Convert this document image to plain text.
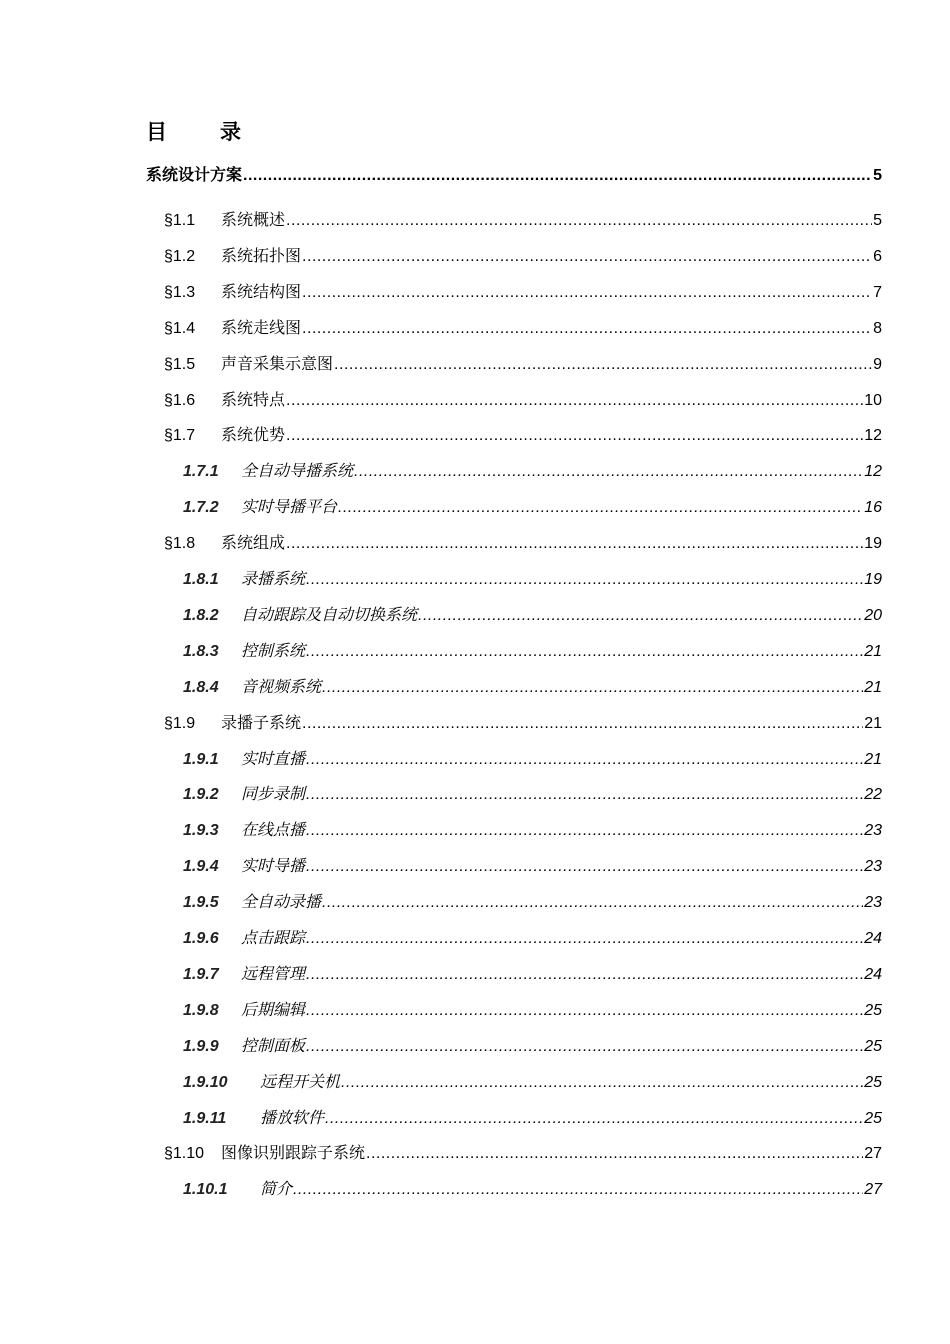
目　录
系统设计方案 .....	5
§1.1	系统概述 .....	5
§1.2	系统拓扑图 .....	6
§1.3	系统结构图 .....	7
§1.4	系统走线图 .....	8
§1.5	声音采集示意图 .....	9
§1.6	系统特点 .....	10
§1.7	系统优势 .....	12
1.7.1	全自动导播系统 .....	12
1.7.2	实时导播平台 .....	16
§1.8	系统组成 .....	19
1.8.1	录播系统 .....	19
1.8.2	自动跟踪及自动切换系统 .....	20
1.8.3	控制系统 .....	21
1.8.4	音视频系统 .....	21
§1.9	录播子系统 .....	21
1.9.1	实时直播 .....	21
1.9.2	同步录制 .....	22
1.9.3	在线点播 .....	23
1.9.4	实时导播 .....	23
1.9.5	全自动录播 .....	23
1.9.6	点击跟踪 .....	24
1.9.7	远程管理 .....	24
1.9.8	后期编辑 .....	25
1.9.9	控制面板 .....	25
1.9.10	远程开关机 .....	25
1.9.11	播放软件 .....	25
§1.10	图像识别跟踪子系统 .....	27
1.10.1	简介 .....	27
